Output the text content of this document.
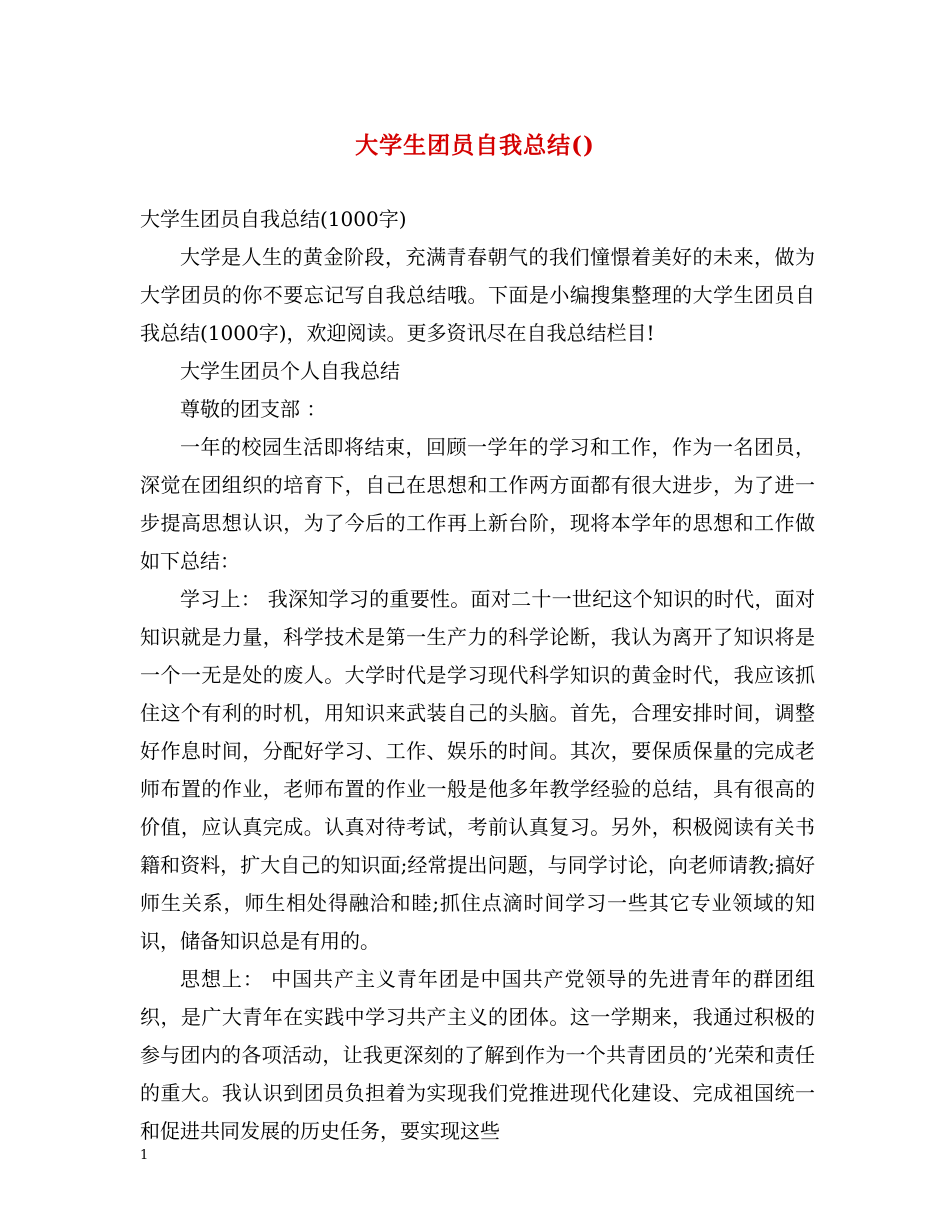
大学生团员自我总结()

大学生团员自我总结(1000字)

大学是人生的黄金阶段，充满青春朝气的我们憧憬着美好的未来，做为大学团员的你不要忘记写自我总结哦。下面是小编搜集整理的大学生团员自我总结(1000字)，欢迎阅读。更多资讯尽在自我总结栏目!

大学生团员个人自我总结

尊敬的团支部 ：

一年的校园生活即将结束，回顾一学年的学习和工作，作为一名团员，深觉在团组织的培育下，自己在思想和工作两方面都有很大进步，为了进一步提高思想认识，为了今后的工作再上新台阶，现将本学年的思想和工作做如下总结：

学习上： 我深知学习的重要性。面对二十一世纪这个知识的时代，面对知识就是力量，科学技术是第一生产力的科学论断，我认为离开了知识将是一个一无是处的废人。大学时代是学习现代科学知识的黄金时代，我应该抓住这个有利的时机，用知识来武装自己的头脑。首先，合理安排时间，调整好作息时间，分配好学习、工作、娱乐的时间。其次，要保质保量的完成老师布置的作业，老师布置的作业一般是他多年教学经验的总结，具有很高的价值，应认真完成。认真对待考试，考前认真复习。另外，积极阅读有关书籍和资料，扩大自己的知识面;经常提出问题，与同学讨论，向老师请教;搞好师生关系，师生相处得融洽和睦;抓住点滴时间学习一些其它专业领域的知识，储备知识总是有用的。

思想上： 中国共产主义青年团是中国共产党领导的先进青年的群团组织，是广大青年在实践中学习共产主义的团体。这一学期来，我通过积极的参与团内的各项活动，让我更深刻的了解到作为一个共青团员的’光荣和责任的重大。我认识到团员负担着为实现我们党推进现代化建设、完成祖国统一和促进共同发展的历史任务，要实现这些

1
